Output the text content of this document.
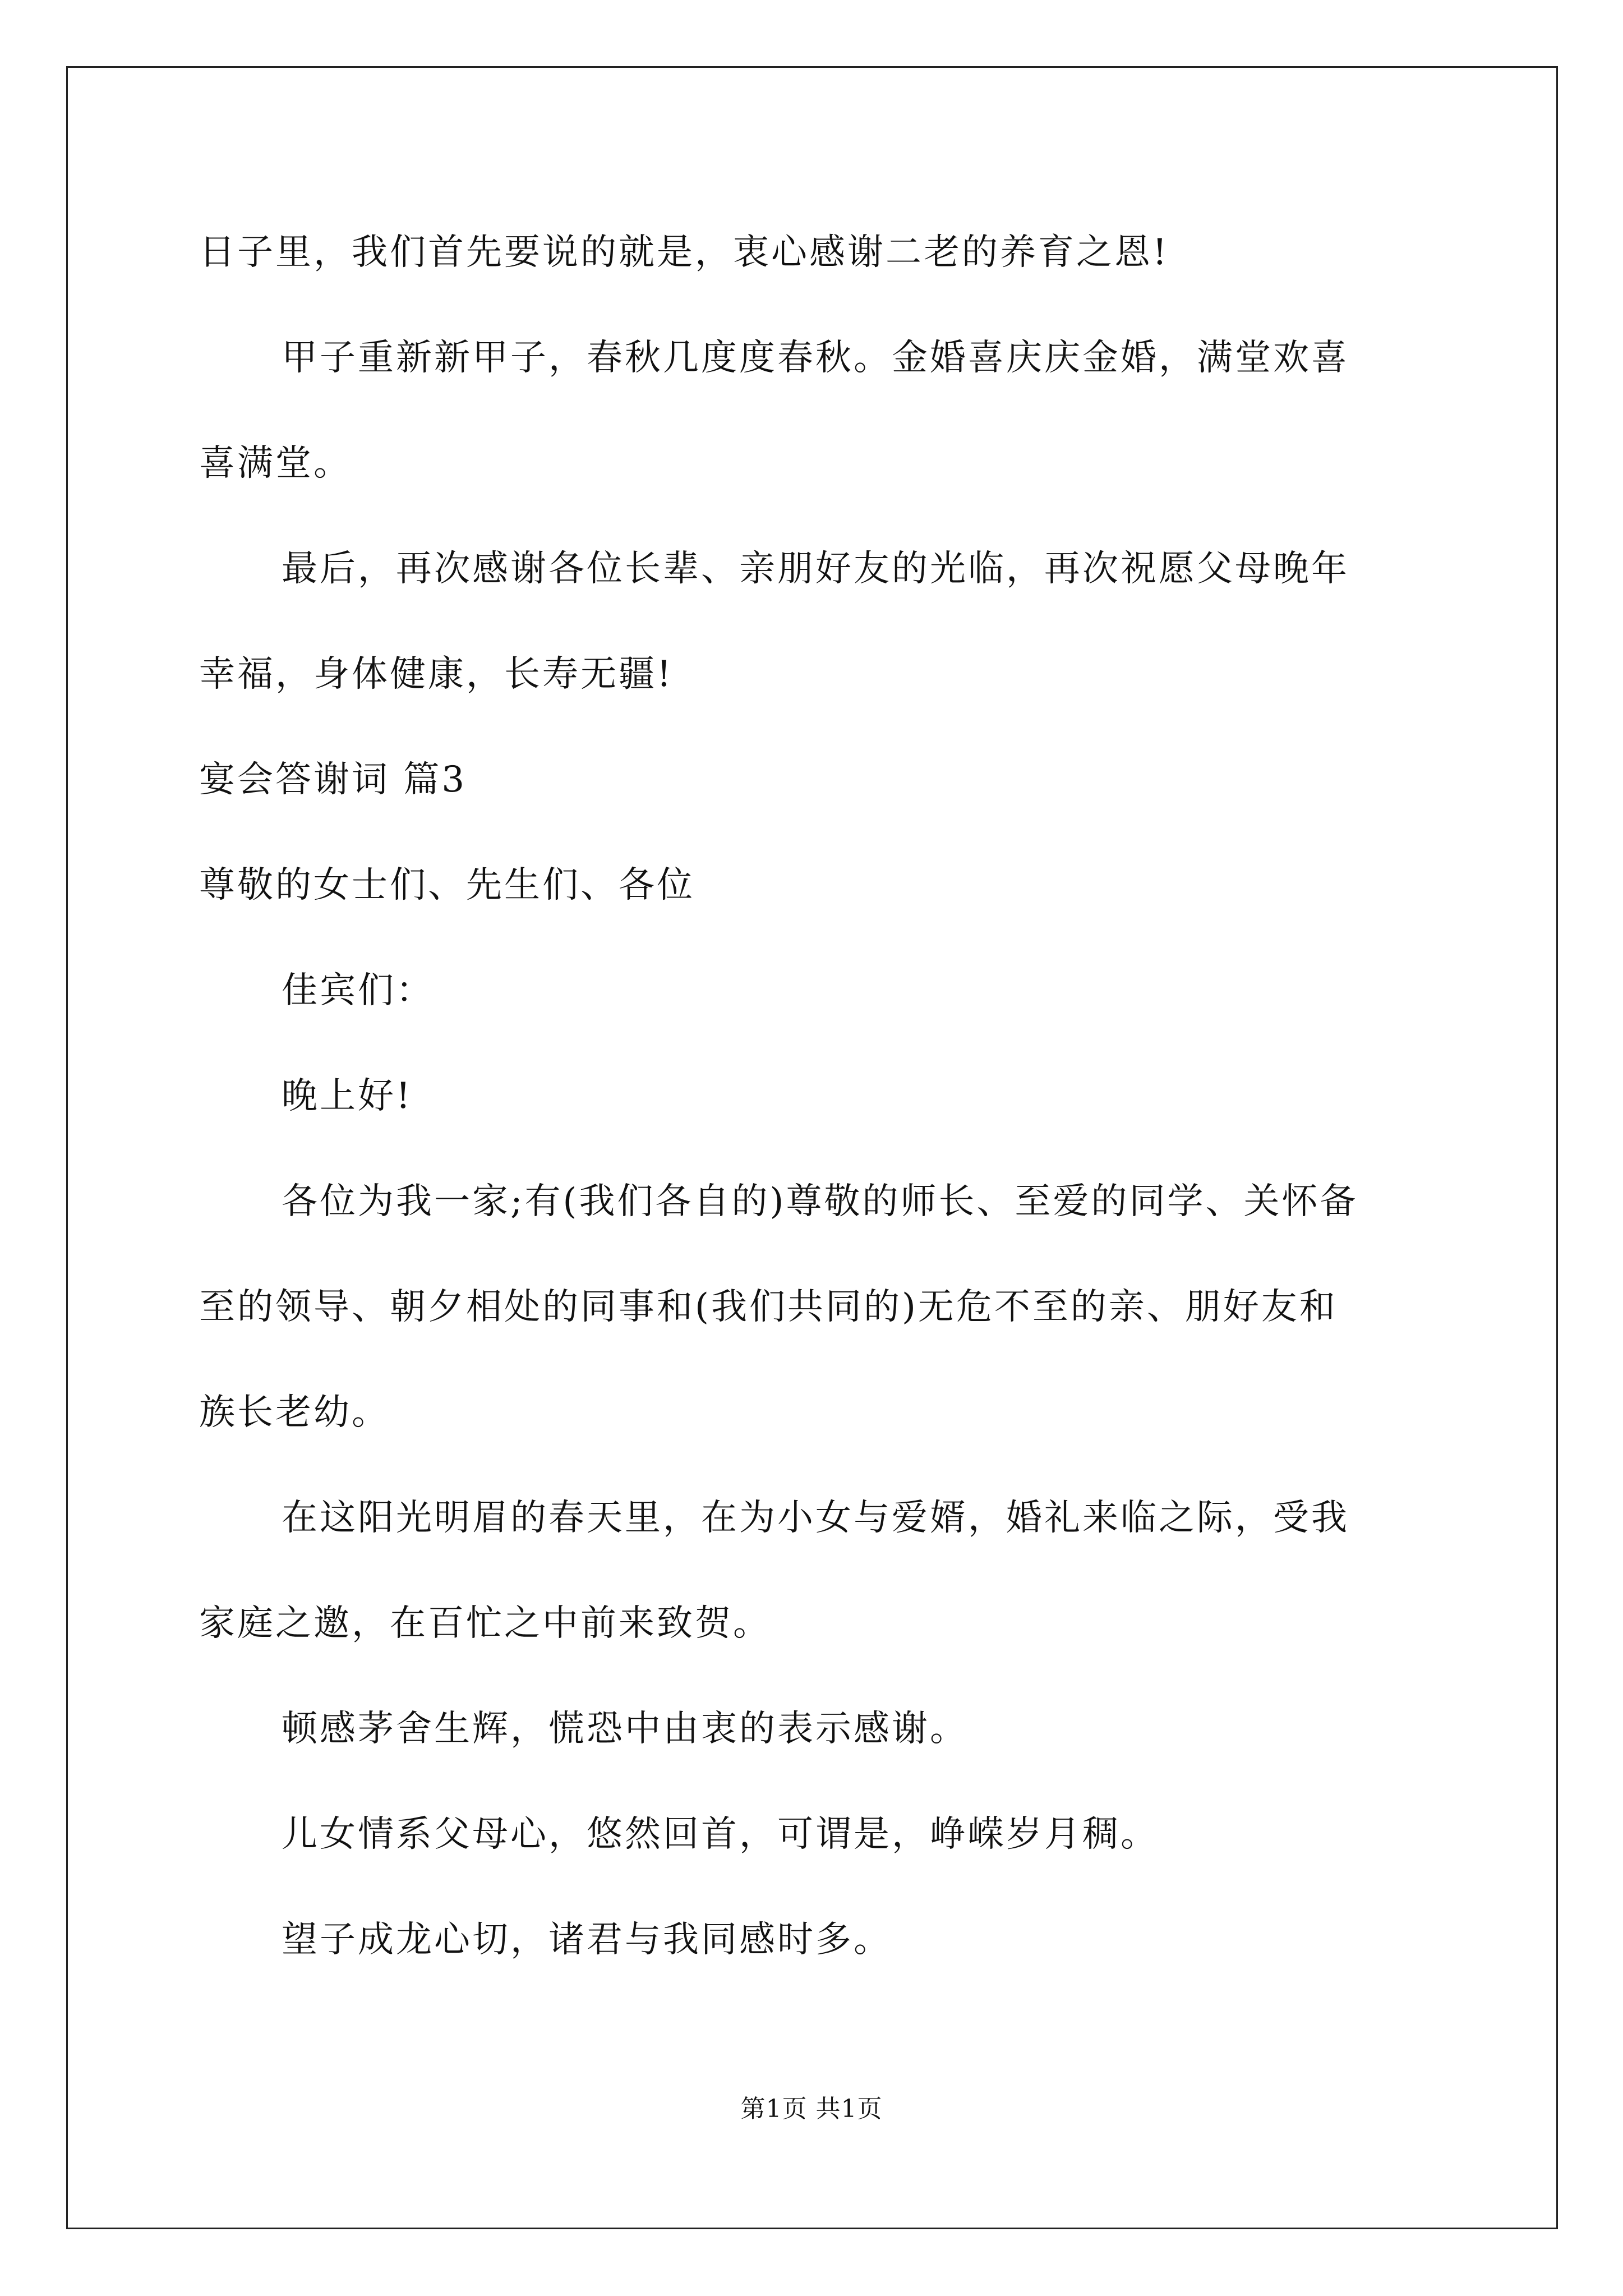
日子里，我们首先要说的就是，衷心感谢二老的养育之恩!
甲子重新新甲子，春秋几度度春秋。金婚喜庆庆金婚，满堂欢喜
喜满堂。
最后，再次感谢各位长辈、亲朋好友的光临，再次祝愿父母晚年
幸福，身体健康，长寿无疆!
宴会答谢词 篇3
尊敬的女士们、先生们、各位
佳宾们：
晚上好!
各位为我一家;有(我们各自的)尊敬的师长、至爱的同学、关怀备
至的领导、朝夕相处的同事和(我们共同的)无危不至的亲、朋好友和
族长老幼。
在这阳光明眉的春天里，在为小女与爱婿，婚礼来临之际，受我
家庭之邀，在百忙之中前来致贺。
顿感茅舍生辉，慌恐中由衷的表示感谢。
儿女情系父母心，悠然回首，可谓是，峥嵘岁月稠。
望子成龙心切，诸君与我同感时多。
第1页 共1页
